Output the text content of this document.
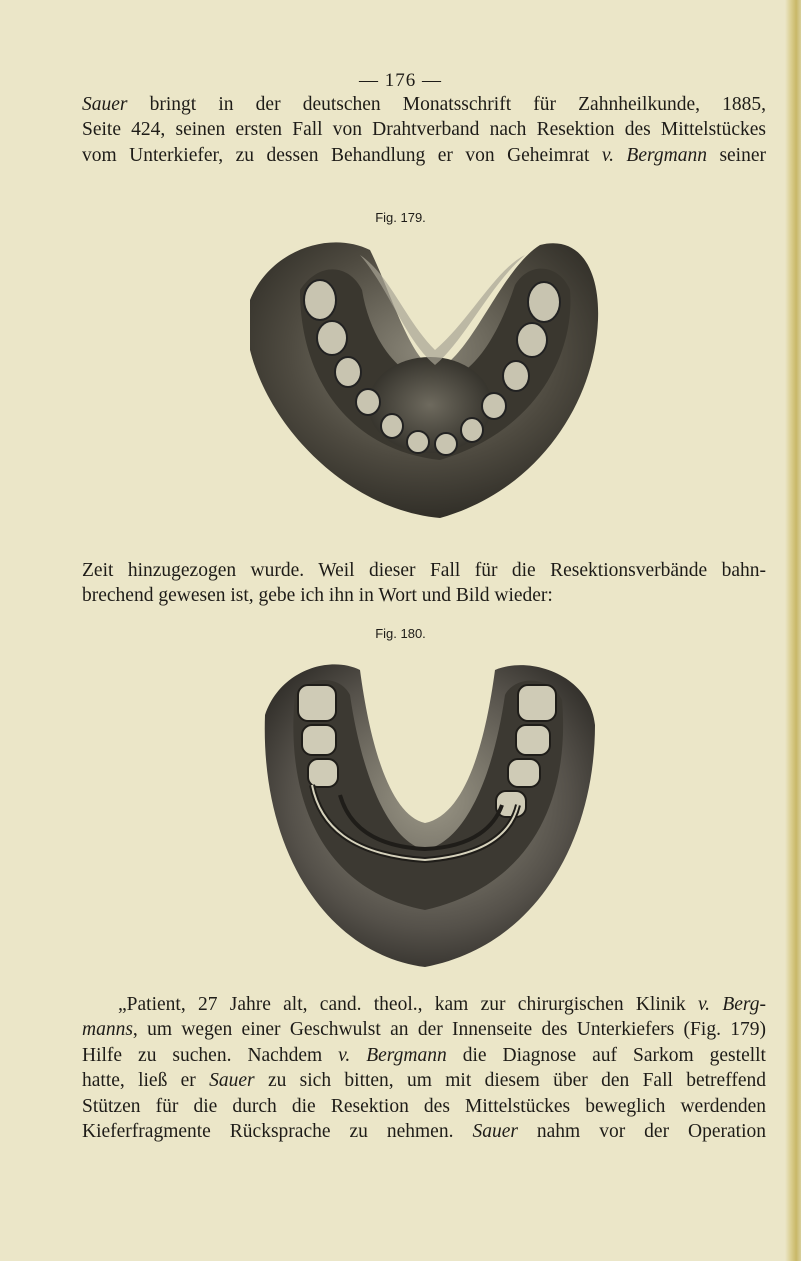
— 176 —

Sauer bringt in der deutschen Monatsschrift für Zahnheilkunde, 1885,
Seite 424, seinen ersten Fall von Drahtverband nach Resektion des Mittelstückes
vom Unterkiefer, zu dessen Behandlung er von Geheimrat v. Bergmann seiner

Fig. 179.

Zeit hinzugezogen wurde. Weil dieser Fall für die Resektionsverbände bahn-
brechend gewesen ist, gebe ich ihn in Wort und Bild wieder:

Fig. 180.

„Patient, 27 Jahre alt, cand. theol., kam zur chirurgischen Klinik v. Berg-
manns, um wegen einer Geschwulst an der Innenseite des Unterkiefers (Fig. 179)
Hilfe zu suchen. Nachdem v. Bergmann die Diagnose auf Sarkom gestellt
hatte, ließ er Sauer zu sich bitten, um mit diesem über den Fall betreffend
Stützen für die durch die Resektion des Mittelstückes beweglich werdenden
Kieferfragmente Rücksprache zu nehmen. Sauer nahm vor der Operation
